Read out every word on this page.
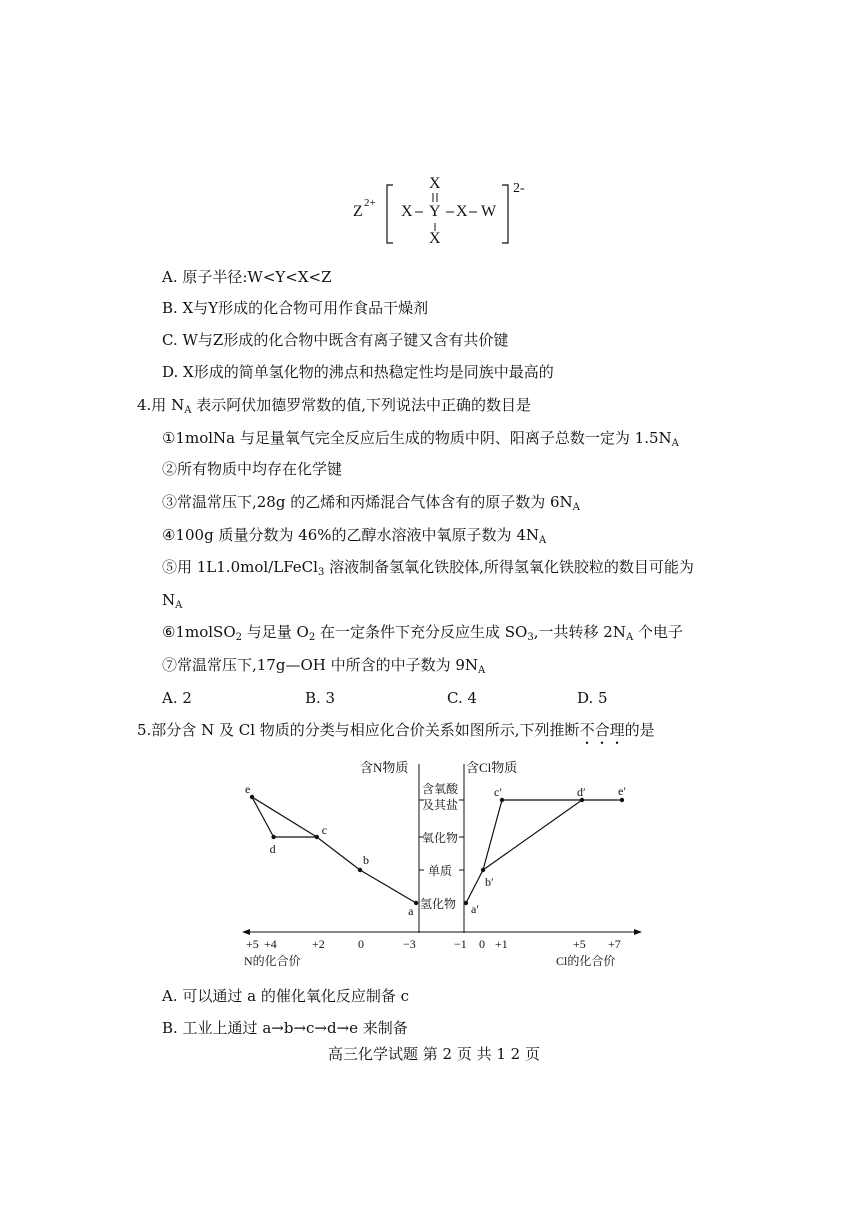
Z 2+
X
X Y X W
X
2-
A. 原子半径:W<Y<X<Z
B. X与Y形成的化合物可用作食品干燥剂
C. W与Z形成的化合物中既含有离子键又含有共价键
D. X形成的简单氢化物的沸点和热稳定性均是同族中最高的
4.用 $N_A$ 表示阿伏加德罗常数的值,下列说法中正确的数目是
①1molNa 与足量氧气完全反应后生成的物质中阴、阳离子总数一定为 $1.5N_A$
②所有物质中均存在化学键
③常温常压下,28g 的乙烯和丙烯混合气体含有的原子数为 $6N_A$
④100g 质量分数为 46%的乙醇水溶液中氧原子数为 $4N_A$
⑤用 1L1.0mol/LFeCl$_3$ 溶液制备氢氧化铁胶体,所得氢氧化铁胶粒的数目可能为
$N_A$
⑥1molSO$_2$ 与足量 $O_2$ 在一定条件下充分反应生成 $SO_3$,一共转移 $2N_A$ 个电子
⑦常温常压下,17g—OH 中所含的中子数为 $9N_A$
A. 2	B. 3	C. 4	D. 5
5.部分含 N 及 Cl 物质的分类与相应化合价关系如图所示,下列推断不合理的是
含N物质	含Cl物质
含氧酸
及其盐
氧化物
单质
氢化物
+5 +4	+2	0	−3	−1 0 +1	+5 +7
N的化合价	Cl的化合价
e
d
c
b
a	a′
b′
c′	d′	e′
A. 可以通过 a 的催化氧化反应制备 c
B. 工业上通过 a→b→c→d→e 来制备
高三化学试题 第 2 页 共 1 2 页
